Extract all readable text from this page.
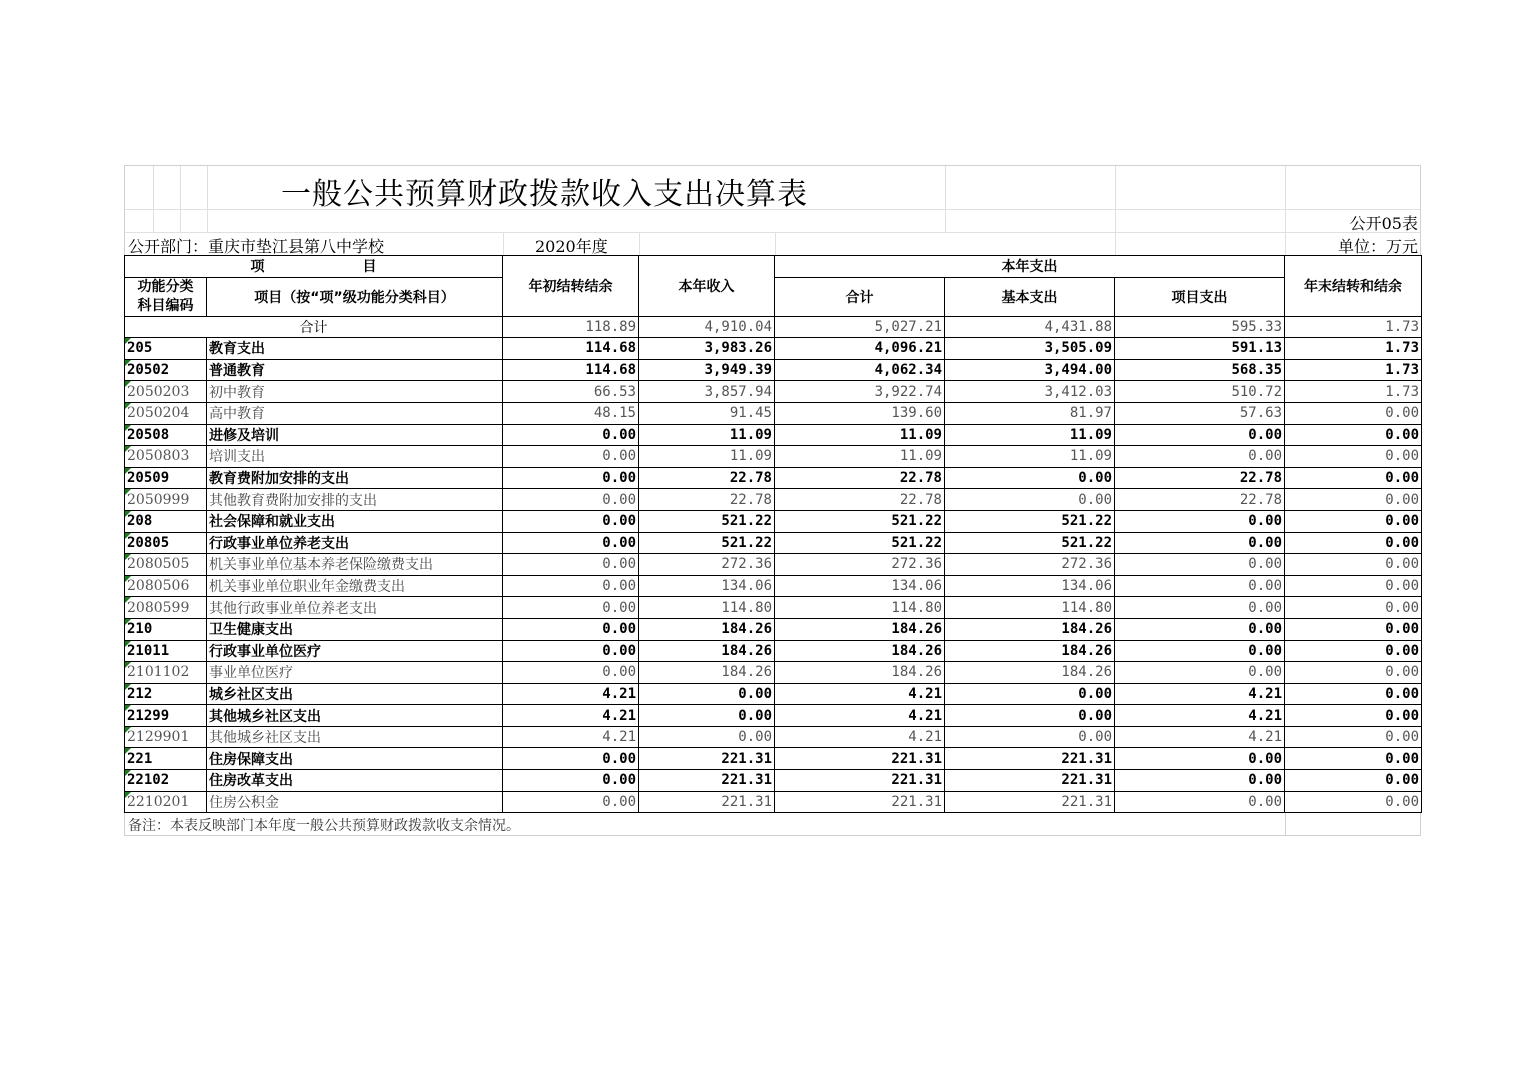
一般公共预算财政拨款收入支出决算表
公开05表
公开部门：重庆市垫江县第八中学校	2020年度	单位：万元
项　　　　　　　目		年初结转结余	本年收入	本年支出			年末结转和结余
功能分类科目编码	项目（按“项”级功能分类科目）			合计	基本支出	项目支出	
合计		118.89	4,910.04	5,027.21	4,431.88	595.33	1.73
205	教育支出	114.68	3,983.26	4,096.21	3,505.09	591.13	1.73
20502	普通教育	114.68	3,949.39	4,062.34	3,494.00	568.35	1.73
2050203	初中教育	66.53	3,857.94	3,922.74	3,412.03	510.72	1.73
2050204	高中教育	48.15	91.45	139.60	81.97	57.63	0.00
20508	进修及培训	0.00	11.09	11.09	11.09	0.00	0.00
2050803	培训支出	0.00	11.09	11.09	11.09	0.00	0.00
20509	教育费附加安排的支出	0.00	22.78	22.78	0.00	22.78	0.00
2050999	其他教育费附加安排的支出	0.00	22.78	22.78	0.00	22.78	0.00
208	社会保障和就业支出	0.00	521.22	521.22	521.22	0.00	0.00
20805	行政事业单位养老支出	0.00	521.22	521.22	521.22	0.00	0.00
2080505	机关事业单位基本养老保险缴费支出	0.00	272.36	272.36	272.36	0.00	0.00
2080506	机关事业单位职业年金缴费支出	0.00	134.06	134.06	134.06	0.00	0.00
2080599	其他行政事业单位养老支出	0.00	114.80	114.80	114.80	0.00	0.00
210	卫生健康支出	0.00	184.26	184.26	184.26	0.00	0.00
21011	行政事业单位医疗	0.00	184.26	184.26	184.26	0.00	0.00
2101102	事业单位医疗	0.00	184.26	184.26	184.26	0.00	0.00
212	城乡社区支出	4.21	0.00	4.21	0.00	4.21	0.00
21299	其他城乡社区支出	4.21	0.00	4.21	0.00	4.21	0.00
2129901	其他城乡社区支出	4.21	0.00	4.21	0.00	4.21	0.00
221	住房保障支出	0.00	221.31	221.31	221.31	0.00	0.00
22102	住房改革支出	0.00	221.31	221.31	221.31	0.00	0.00
2210201	住房公积金	0.00	221.31	221.31	221.31	0.00	0.00
备注：本表反映部门本年度一般公共预算财政拨款收支余情况。
